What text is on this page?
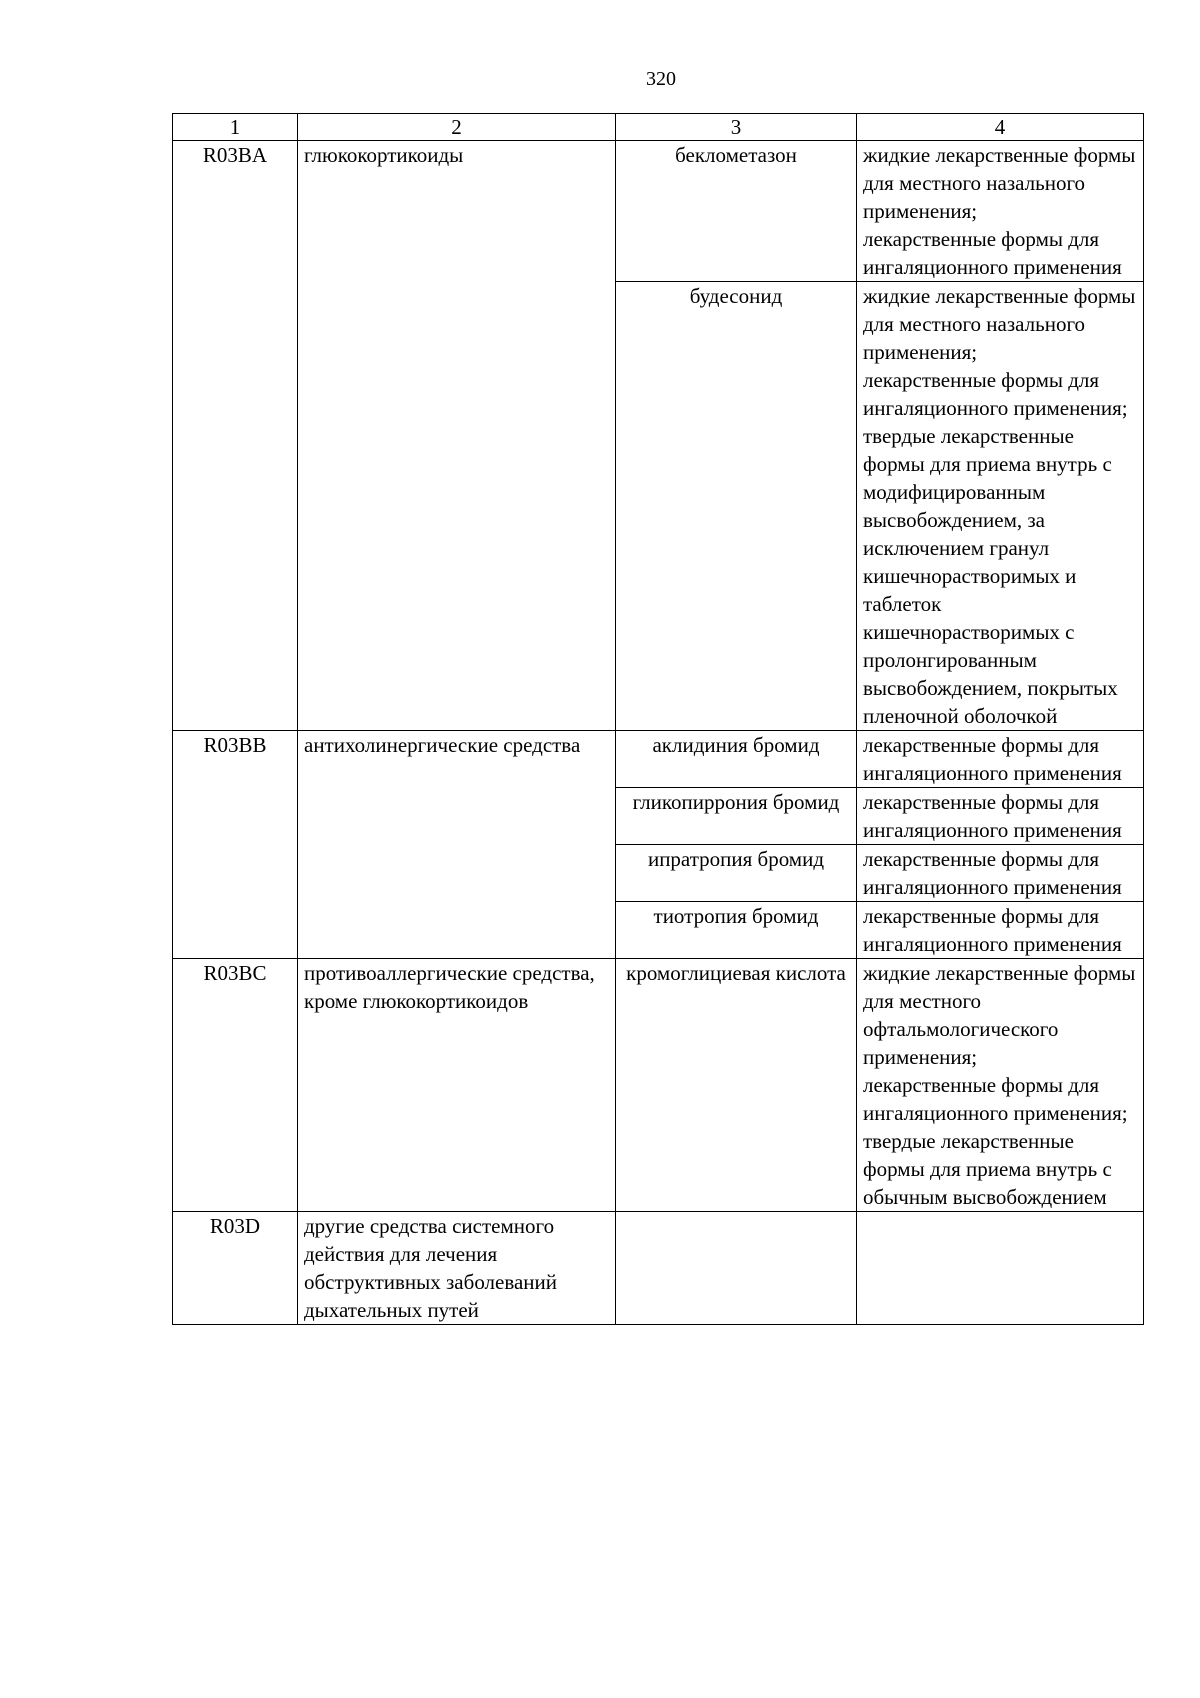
320
1	2	3	4
R03BA	глюкокортикоиды	беклометазон	жидкие лекарственные формы для местного назального применения;
лекарственные формы для ингаляционного применения

		будесонид	жидкие лекарственные формы для местного назального применения;
лекарственные формы для ингаляционного применения;
твердые лекарственные формы для приема внутрь с модифицированным высвобождением, за исключением гранул кишечнорастворимых и таблеток кишечнорастворимых с пролонгированным высвобождением, покрытых пленочной оболочкой

R03BB	антихолинергические средства	аклидиния бромид	лекарственные формы для ингаляционного применения

		гликопиррония бромид	лекарственные формы для ингаляционного применения

		ипратропия бромид	лекарственные формы для ингаляционного применения

		тиотропия бромид	лекарственные формы для ингаляционного применения

R03BC	противоаллергические средства, кроме глюкокортикоидов	кромоглициевая кислота	жидкие лекарственные формы для местного офтальмологического применения;
лекарственные формы для ингаляционного применения;
твердые лекарственные формы для приема внутрь с обычным высвобождением

R03D	другие средства системного действия для лечения обструктивных заболеваний дыхательных путей		
